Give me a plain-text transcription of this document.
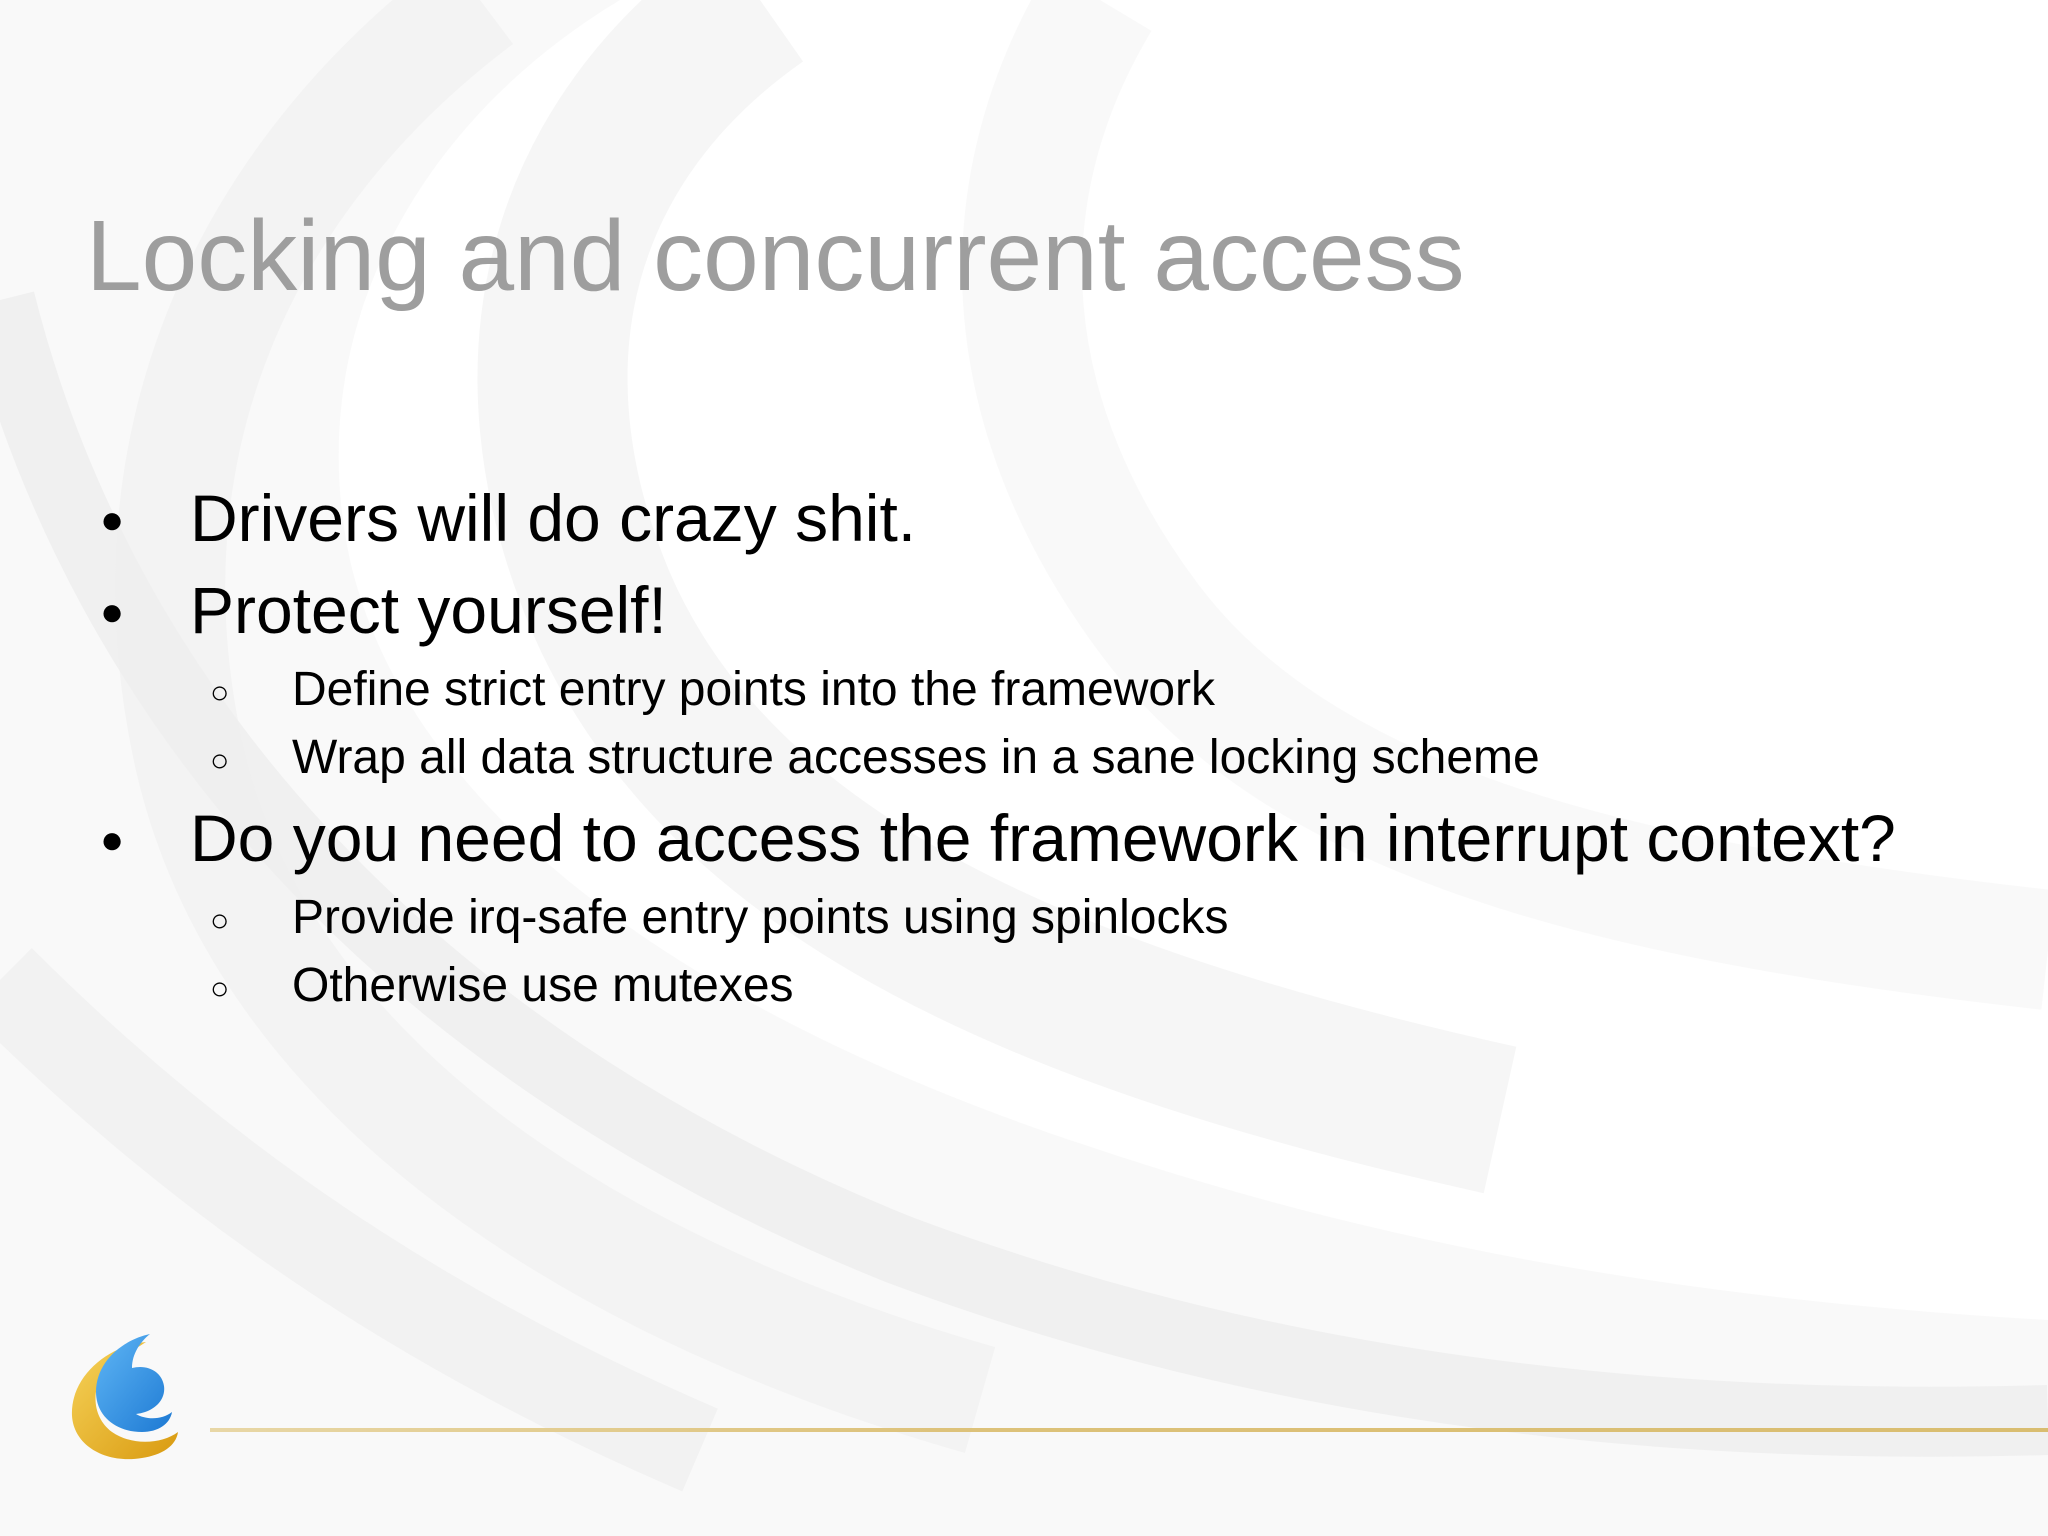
Locking and concurrent access
● Drivers will do crazy shit.
● Protect yourself!
○ Define strict entry points into the framework
○ Wrap all data structure accesses in a sane locking scheme
● Do you need to access the framework in interrupt context?
○ Provide irq-safe entry points using spinlocks
○ Otherwise use mutexes
